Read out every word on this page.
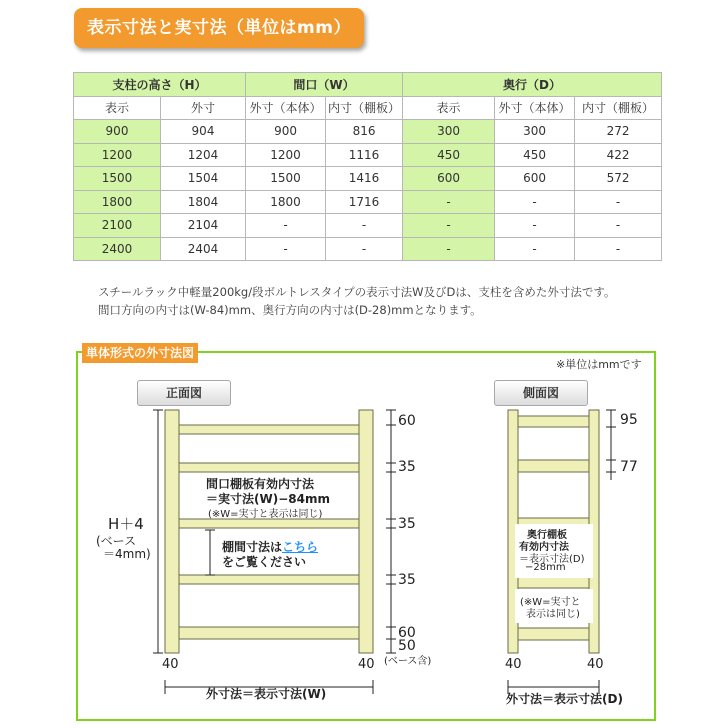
表示寸法と実寸法（単位はmm）
支柱の高さ（H）		間口（W）		奥行（D）		
表示	外寸	外寸（本体）	内寸（棚板）	表示	外寸（本体）	内寸（棚板）
900	904	900	816	300	300	272
1200	1204	1200	1116	450	450	422
1500	1504	1500	1416	600	600	572
1800	1804	1800	1716	-	-	-
2100	2104	-	-	-	-	-
2400	2404	-	-	-	-	-
スチールラック中軽量200kg/段ボルトレスタイプの表示寸法W及びDは、支柱を含めた外寸法です。
間口方向の内寸は(W-84)mm、奥行方向の内寸は(D-28)mmとなります。
単体形式の外寸法図
※単位はmmです
正面図	側面図
60
35
35
35
60
50
(ベース含)
H＋4
(ベース
＝4mm)
間口棚板有効内寸法
＝実寸法(W)−84mm
(※W=実寸と表示は同じ)
棚間寸法はこちら
をご覧ください
40	40
外寸法＝表示寸法(W)
95
77
奥行棚板
有効内寸法
＝表示寸法(D)
−28mm
(※W=実寸と
表示は同じ)
40	40
外寸法＝表示寸法(D)
